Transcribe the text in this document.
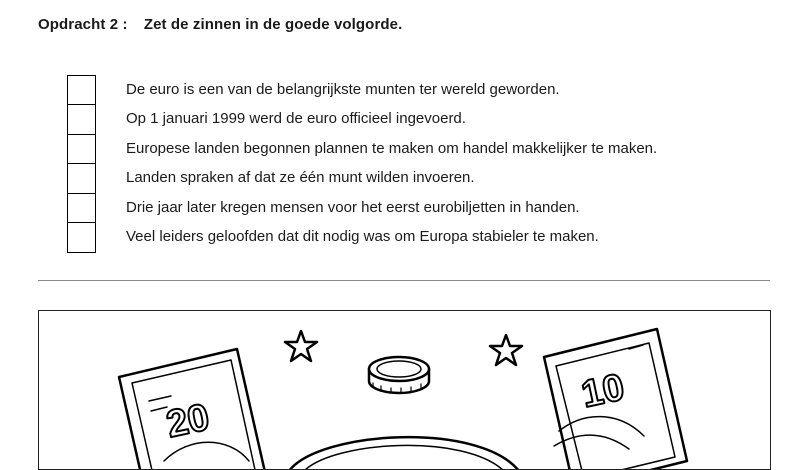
Opdracht 2 : Zet de zinnen in de goede volgorde.
De euro is een van de belangrijkste munten ter wereld geworden.
Op 1 januari 1999 werd de euro officieel ingevoerd.
Europese landen begonnen plannen te maken om handel makkelijker te maken.
Landen spraken af dat ze één munt wilden invoeren.
Drie jaar later kregen mensen voor het eerst eurobiljetten in handen.
Veel leiders geloofden dat dit nodig was om Europa stabieler te maken.
20
10
